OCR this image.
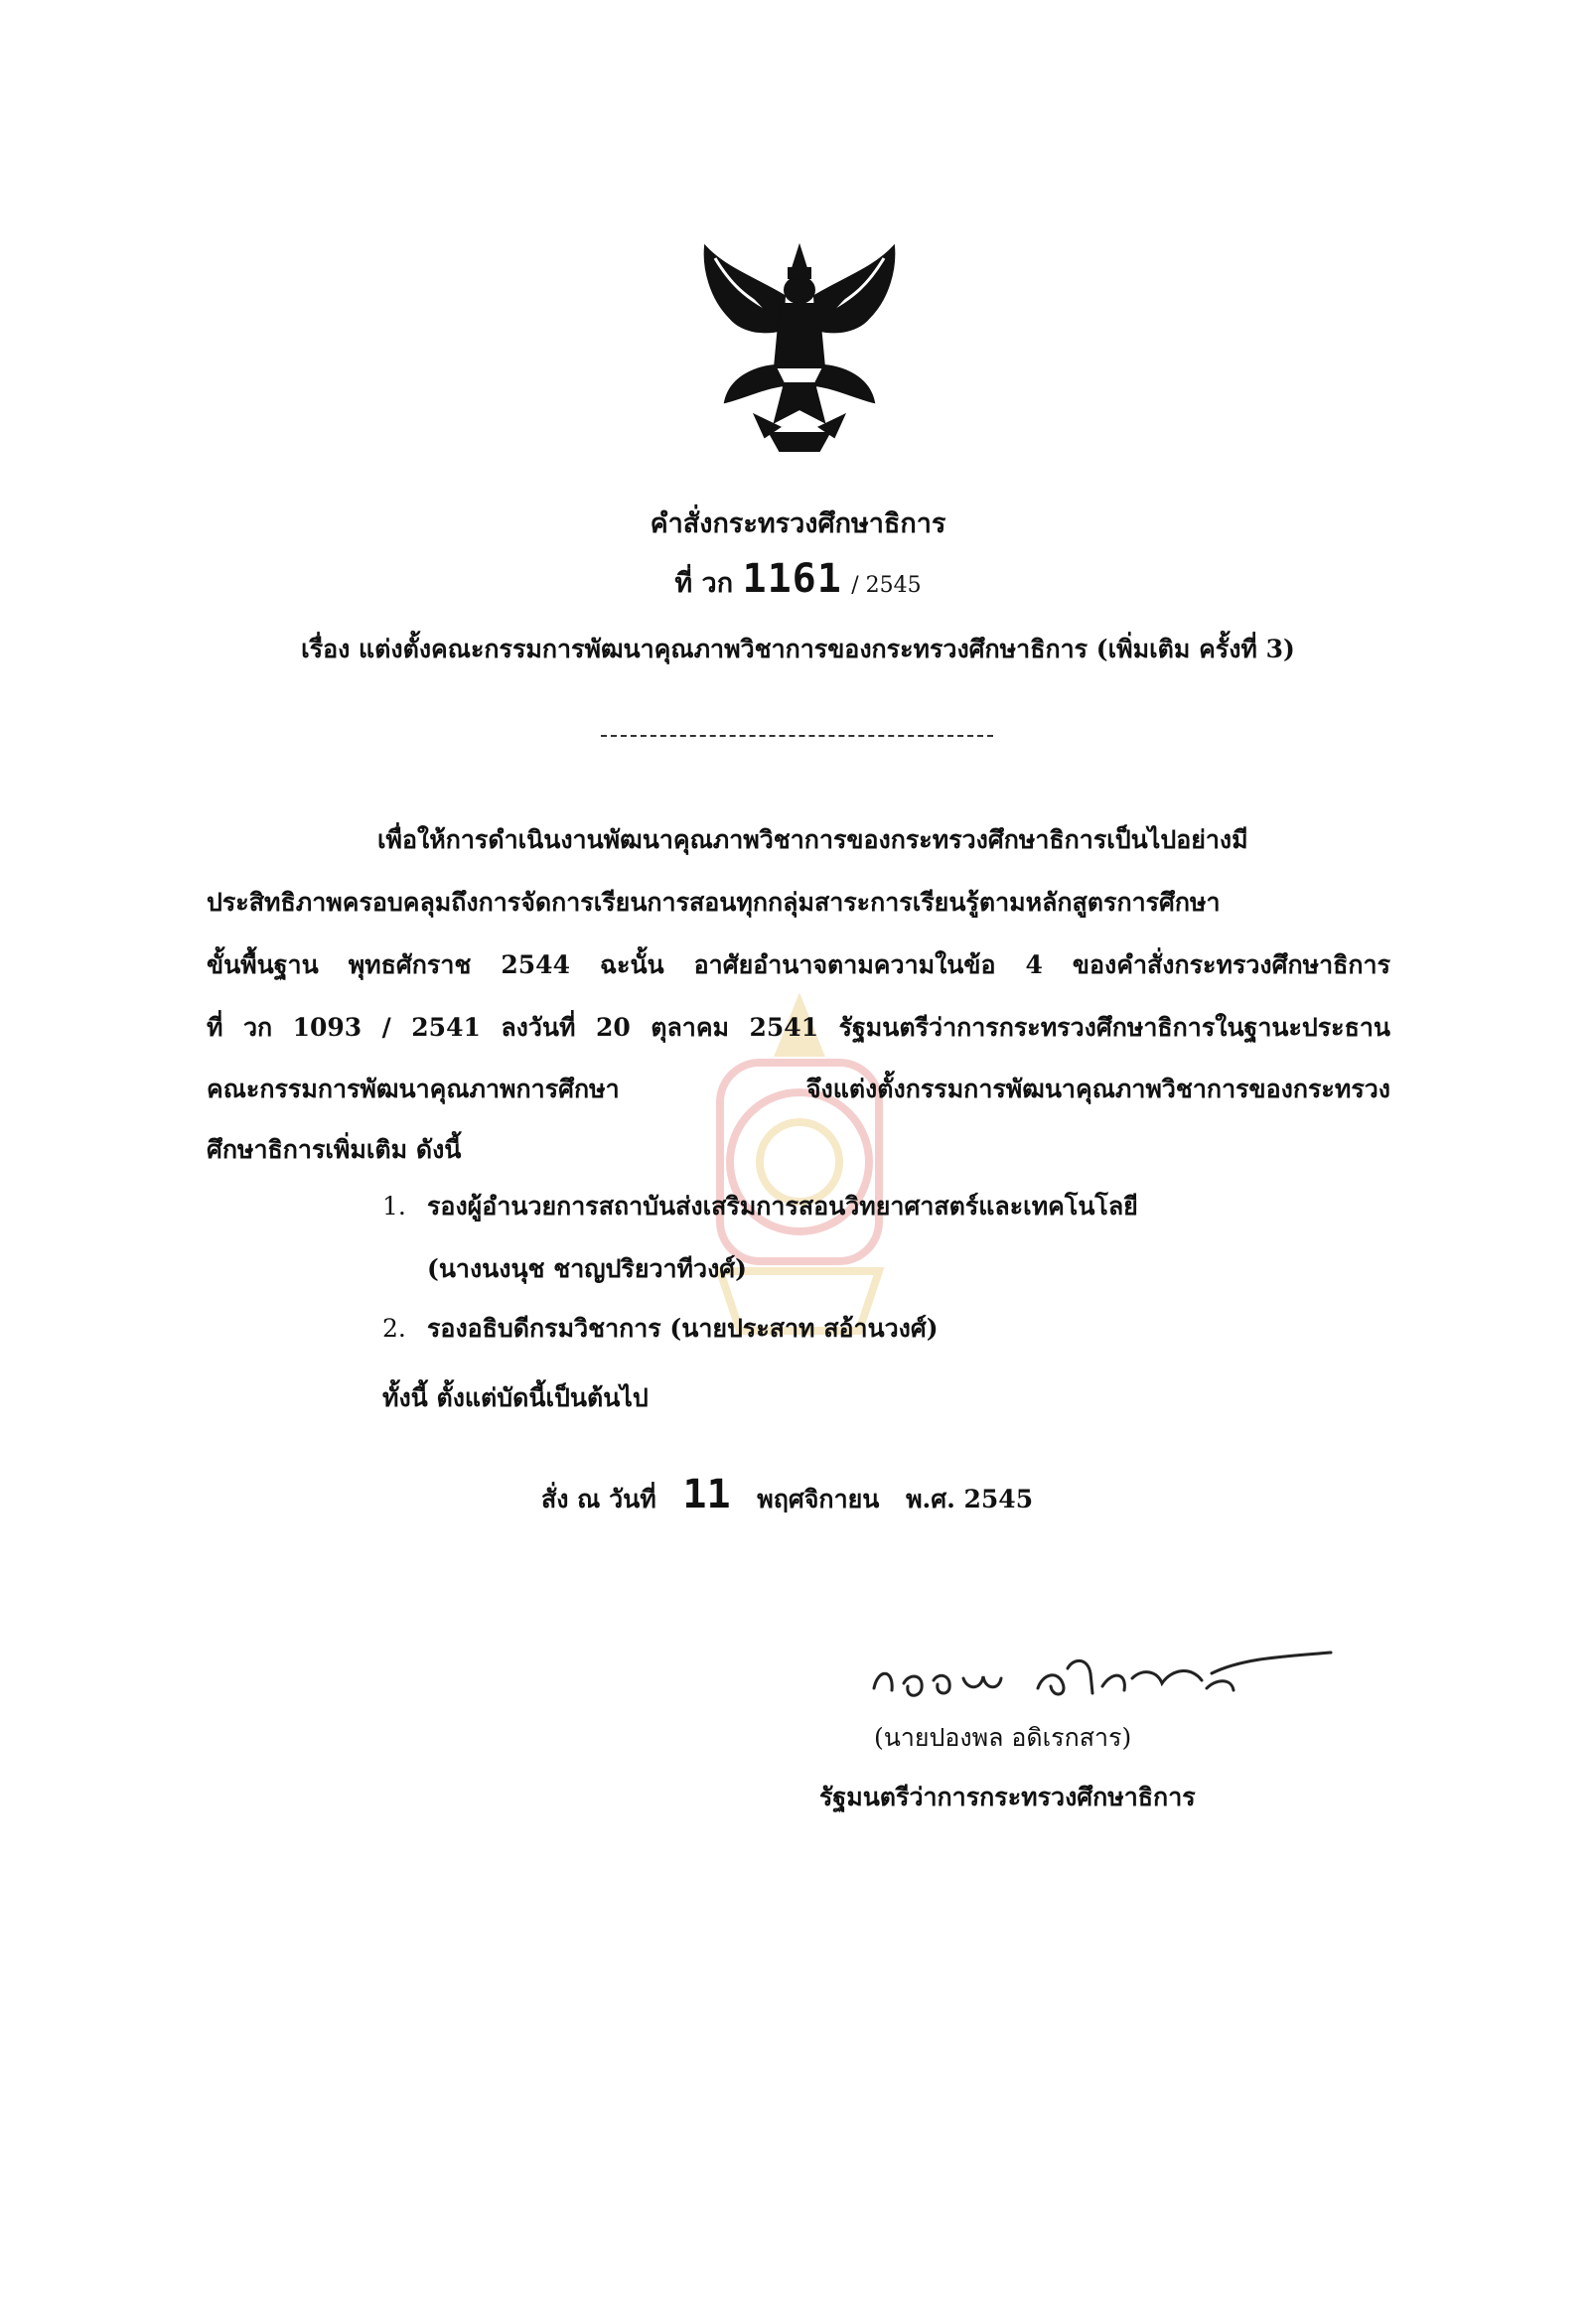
คำสั่งกระทรวงศึกษาธิการ
ที่ วก 1161 / 2545
เรื่อง แต่งตั้งคณะกรรมการพัฒนาคุณภาพวิชาการของกระทรวงศึกษาธิการ (เพิ่มเติม ครั้งที่ 3)
เพื่อให้การดำเนินงานพัฒนาคุณภาพวิชาการของกระทรวงศึกษาธิการเป็นไปอย่างมี
ประสิทธิภาพครอบคลุมถึงการจัดการเรียนการสอนทุกกลุ่มสาระการเรียนรู้ตามหลักสูตรการศึกษา
ขั้นพื้นฐาน พุทธศักราช 2544 ฉะนั้น อาศัยอำนาจตามความในข้อ 4 ของคำสั่งกระทรวงศึกษาธิการ
ที่ วก 1093 / 2541 ลงวันที่ 20 ตุลาคม 2541 รัฐมนตรีว่าการกระทรวงศึกษาธิการในฐานะประธาน
คณะกรรมการพัฒนาคุณภาพการศึกษา จึงแต่งตั้งกรรมการพัฒนาคุณภาพวิชาการของกระทรวง
ศึกษาธิการเพิ่มเติม ดังนี้
1. รองผู้อำนวยการสถาบันส่งเสริมการสอนวิทยาศาสตร์และเทคโนโลยี
(นางนงนุช ชาญปริยวาทีวงศ์)
2. รองอธิบดีกรมวิชาการ (นายประสาท สอ้านวงศ์)
ทั้งนี้ ตั้งแต่บัดนี้เป็นต้นไป
สั่ง ณ วันที่ 11 พฤศจิกายน พ.ศ. 2545
(นายปองพล อดิเรกสาร)
รัฐมนตรีว่าการกระทรวงศึกษาธิการ
